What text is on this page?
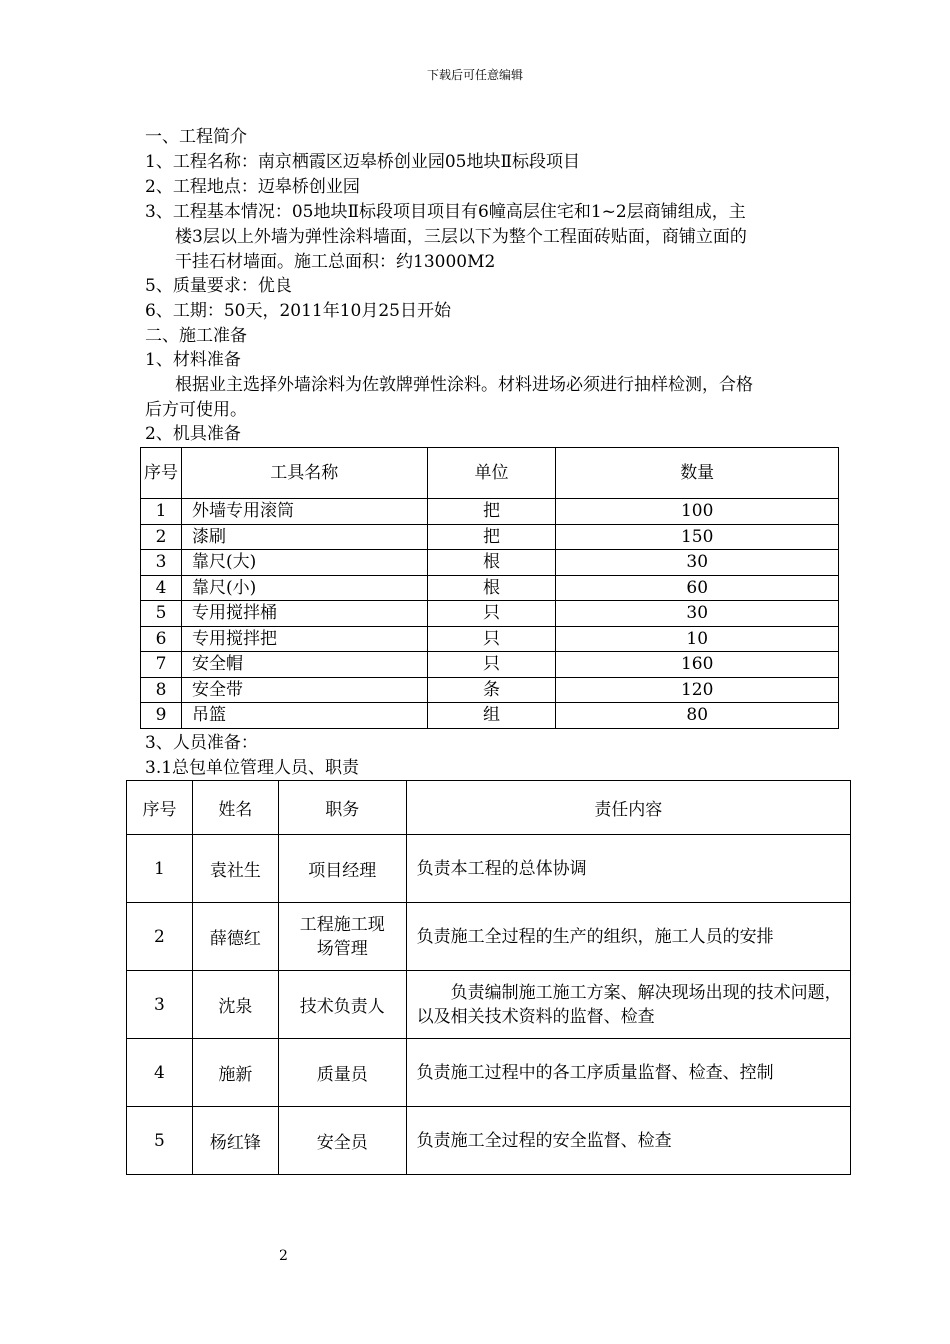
下载后可任意编辑
一、工程简介
1、工程名称：南京栖霞区迈皋桥创业园05地块Ⅱ标段项目
2、工程地点：迈皋桥创业园
3、工程基本情况：05地块Ⅱ标段项目项目有6幢高层住宅和1~2层商铺组成，主
楼3层以上外墙为弹性涂料墙面，三层以下为整个工程面砖贴面，商铺立面的
干挂石材墙面。施工总面积：约13000M2
5、质量要求：优良
6、工期：50天，2011年10月25日开始
二、施工准备
1、材料准备
根据业主选择外墙涂料为佐敦牌弹性涂料。材料进场必须进行抽样检测，合格
后方可使用。
2、机具准备
序号	工具名称	单位	数量
1	外墙专用滚筒	把	100
2	漆刷	把	150
3	靠尺(大)	根	30
4	靠尺(小)	根	60
5	专用搅拌桶	只	30
6	专用搅拌把	只	10
7	安全帽	只	160
8	安全带	条	120
9	吊篮	组	80
3、人员准备：
3.1总包单位管理人员、职责
序号	姓名	职务	责任内容
1	袁社生	项目经理	负责本工程的总体协调
2	薛德红	工程施工现场管理	负责施工全过程的生产的组织，施工人员的安排
3	沈泉	技术负责人	　　负责编制施工施工方案、解决现场出现的技术问题，以及相关技术资料的监督、检查
4	施新	质量员	负责施工过程中的各工序质量监督、检查、控制
5	杨红锋	安全员	负责施工全过程的安全监督、检查
2
